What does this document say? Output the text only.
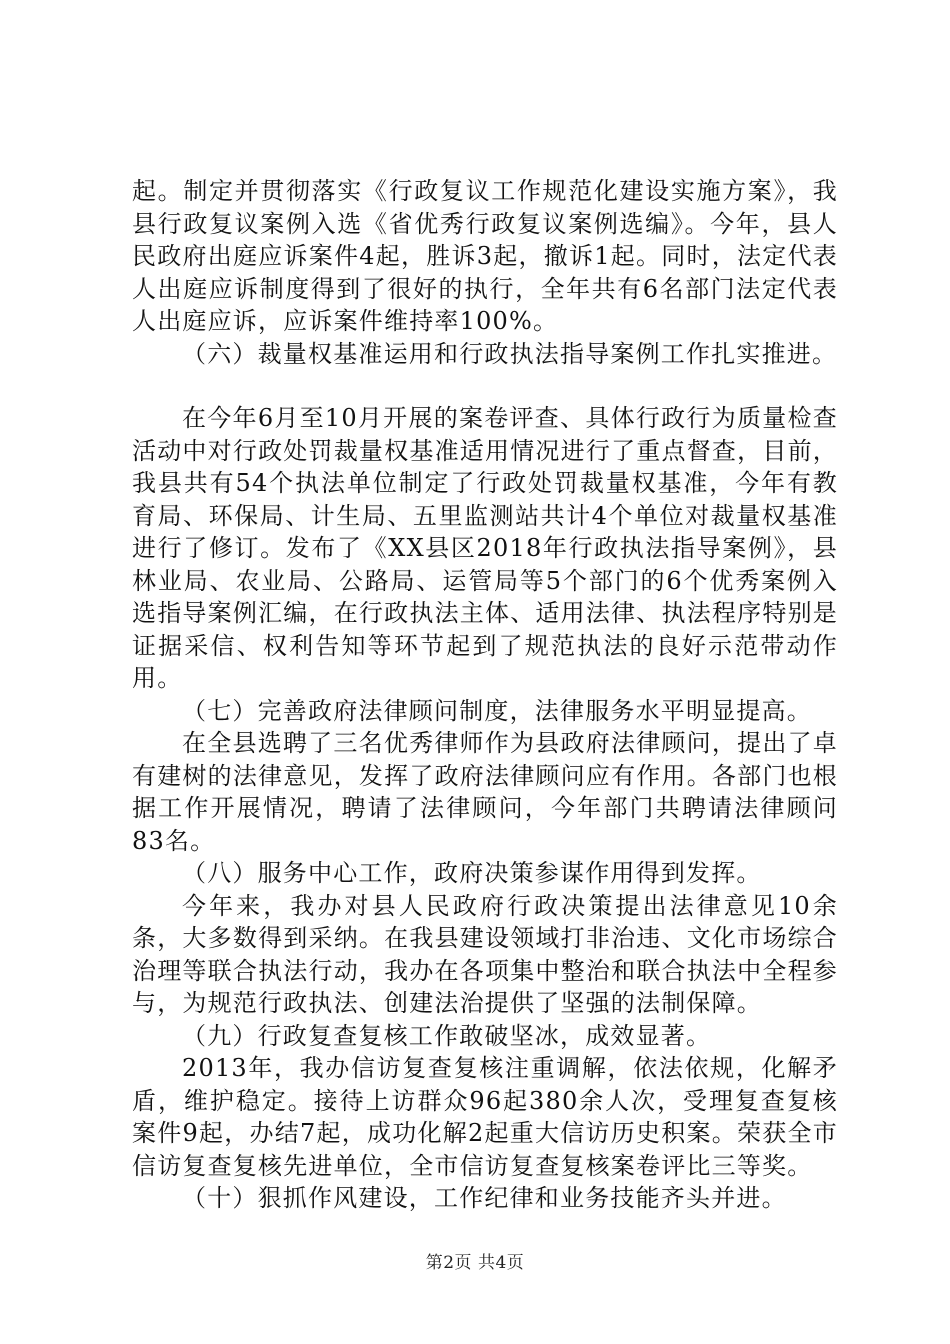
起。制定并贯彻落实《行政复议工作规范化建设实施方案》，我县行政复议案例入选《省优秀行政复议案例选编》。今年，县人民政府出庭应诉案件4起，胜诉3起，撤诉1起。同时，法定代表人出庭应诉制度得到了很好的执行，全年共有6名部门法定代表人出庭应诉，应诉案件维持率100%。

（六）裁量权基准运用和行政执法指导案例工作扎实推进。

在今年6月至10月开展的案卷评查、具体行政行为质量检查活动中对行政处罚裁量权基准适用情况进行了重点督查，目前，我县共有54个执法单位制定了行政处罚裁量权基准，今年有教育局、环保局、计生局、五里监测站共计4个单位对裁量权基准进行了修订。发布了《XX县区2018年行政执法指导案例》，县林业局、农业局、公路局、运管局等5个部门的6个优秀案例入选指导案例汇编，在行政执法主体、适用法律、执法程序特别是证据采信、权利告知等环节起到了规范执法的良好示范带动作用。

（七）完善政府法律顾问制度，法律服务水平明显提高。

在全县选聘了三名优秀律师作为县政府法律顾问，提出了卓有建树的法律意见，发挥了政府法律顾问应有作用。各部门也根据工作开展情况，聘请了法律顾问，今年部门共聘请法律顾问83名。

（八）服务中心工作，政府决策参谋作用得到发挥。

今年来，我办对县人民政府行政决策提出法律意见10余条，大多数得到采纳。在我县建设领域打非治违、文化市场综合治理等联合执法行动，我办在各项集中整治和联合执法中全程参与，为规范行政执法、创建法治提供了坚强的法制保障。

（九）行政复查复核工作敢破坚冰，成效显著。

2013年，我办信访复查复核注重调解，依法依规，化解矛盾，维护稳定。接待上访群众96起380余人次，受理复查复核案件9起，办结7起，成功化解2起重大信访历史积案。荣获全市信访复查复核先进单位，全市信访复查复核案卷评比三等奖。

（十）狠抓作风建设，工作纪律和业务技能齐头并进。

第2页 共4页
